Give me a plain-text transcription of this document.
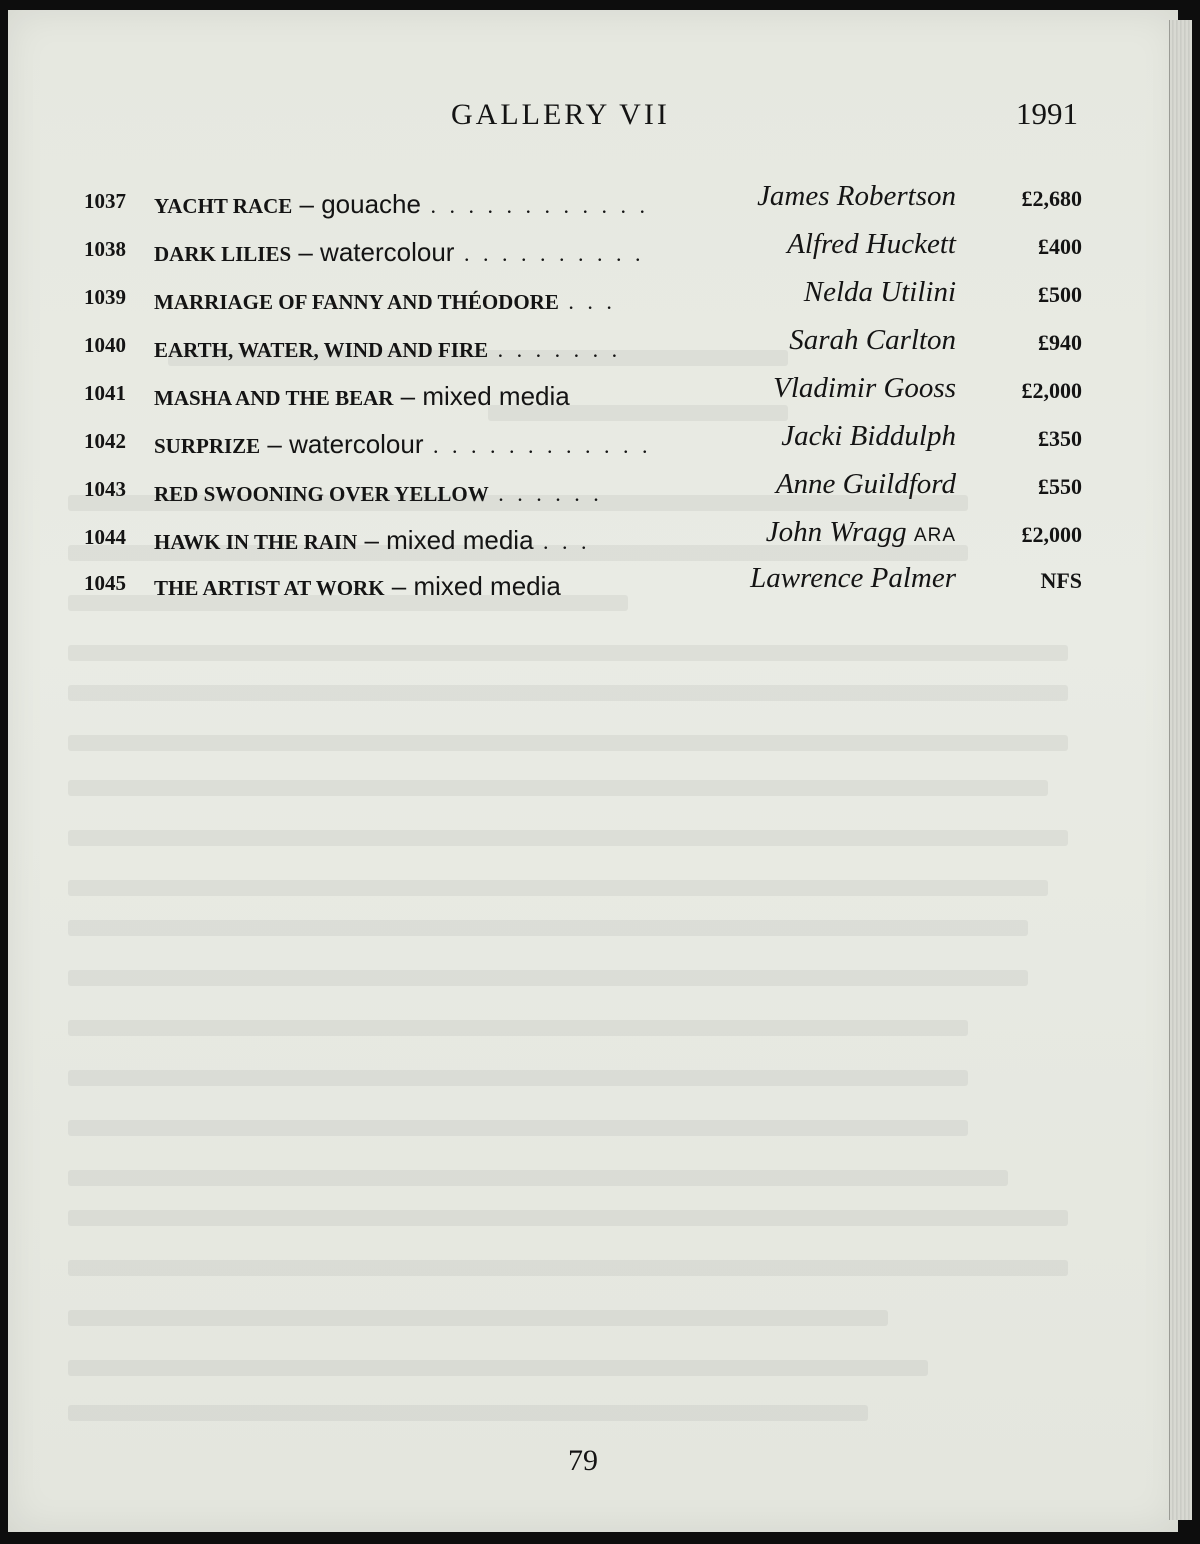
GALLERY VII	1991
1037 YACHT RACE – gouache . . . . . . . . . . . .	James Robertson	£2,680
1038 DARK LILIES – watercolour . . . . . . . . . .	Alfred Huckett	£400
1039 MARRIAGE OF FANNY AND THÉODORE . . .	Nelda Utilini	£500
1040 EARTH, WATER, WIND AND FIRE . . . . . . .	Sarah Carlton	£940
1041 MASHA AND THE BEAR – mixed media	Vladimir Gooss	£2,000
1042 SURPRIZE – watercolour . . . . . . . . . . . .	Jacki Biddulph	£350
1043 RED SWOONING OVER YELLOW . . . . . .	Anne Guildford	£550
1044 HAWK IN THE RAIN – mixed media . . .	John Wragg ARA	£2,000
1045 THE ARTIST AT WORK – mixed media	Lawrence Palmer	NFS
79
